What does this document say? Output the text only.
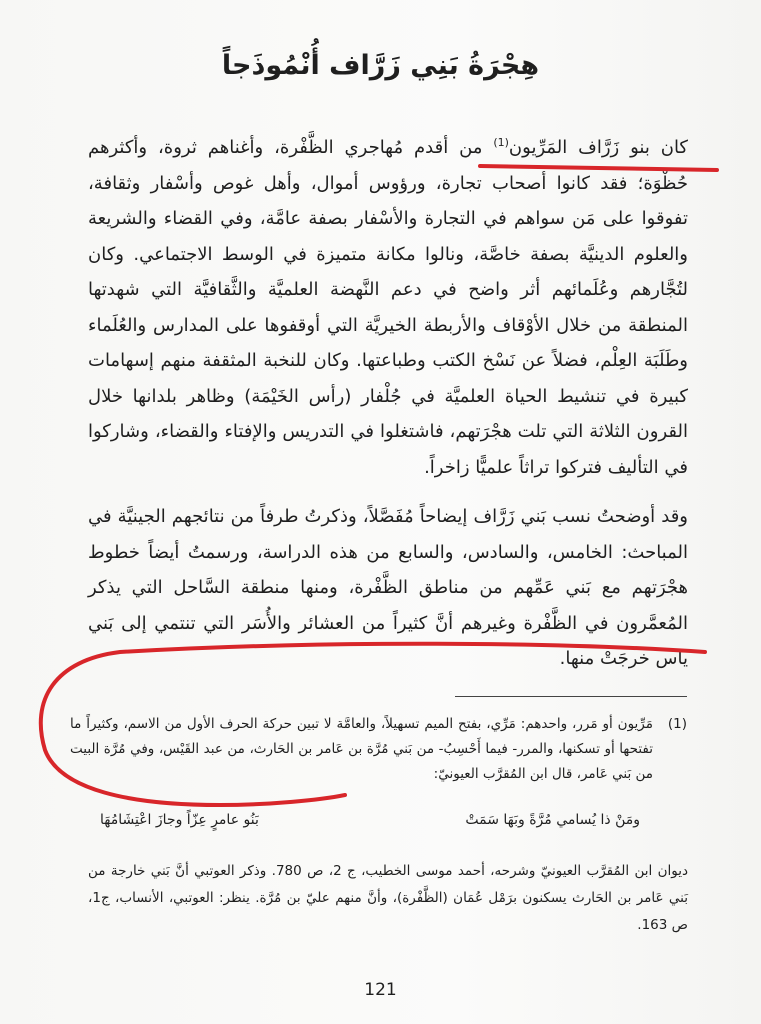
هِجْرَةُ بَنِي زَرَّاف أُنْمُوذَجاً

كان بنو زَرَّاف المَرِّيون$^{(1)}$ من أقدم مُهاجري الظَّفْرة، وأغناهم ثروة، وأكثرهم حُظْوَة؛ فقد كانوا أصحاب تجارة، ورؤوس أموال، وأهل غوص وأسْفار وثقافة، تفوقوا على مَن سواهم في التجارة والأسْفار بصفة عامَّة، وفي القضاء والشريعة والعلوم الدينيَّة بصفة خاصَّة، ونالوا مكانة متميزة في الوسط الاجتماعي. وكان لتُجَّارهم وعُلَمائهم أثر واضح في دعم النَّهضة العلميَّة والثَّقافيَّة التي شهدتها المنطقة من خلال الأوْقاف والأربطة الخيريَّة التي أوقفوها على المدارس والعُلَماء وطَلَبَة العِلْم، فضلاً عن نَسْخ الكتب وطباعتها. وكان للنخبة المثقفة منهم إسهامات كبيرة في تنشيط الحياة العلميَّة في جُلْفار (رأس الخَيْمَة) وظاهر بلدانها خلال القرون الثلاثة التي تلت هجْرَتهم، فاشتغلوا في التدريس والإفتاء والقضاء، وشاركوا في التأليف فتركوا تراثاً علميًّا زاخراً.

وقد أوضحتُ نسب بَني زَرَّاف إيضاحاً مُفَصَّلاً، وذكرتُ طرفاً من نتائجهم الجينيَّة في المباحث: الخامس، والسادس، والسابع من هذه الدراسة، ورسمتُ أيضاً خطوط هجْرَتهم مع بَني عَمِّهم من مناطق الظَّفْرة، ومنها منطقة السَّاحل التي يذكر المُعمَّرون في الظَّفْرة وغيرهم أنَّ كثيراً من العشائر والأُسَر التي تنتمي إلى بَني ياس خرجَتْ منها.

(1)
مَرِّيون أو مَرر، واحدهم: مَرِّي، بفتح الميم تسهيلاً، والعامَّة لا تبين حركة الحرف الأول من الاسم، وكثيراً ما تفتحها أو تسكنها، والمرر- فيما أَحْسِبُ- من بَني مُرَّة بن عَامر بن الحَارث، من عبد القَيْس، وفي مُرَّة البيت من بَني عَامر، قال ابن المُقرَّب العيونيّ:
ومَنْ ذا يُسامي مُرَّةً وبَهَا سَمَتْ
بَنُو عامرٍ عِزّاً وجازَ اعْتِشَامُهَا
ديوان ابن المُقرَّب العيونيّ وشرحه، أحمد موسى الخطيب، ج 2، ص 780. وذكر العوتبي أنَّ بَني خارجة من بَني عَامر بن الحَارث يسكنون برَمْل عُمَان (الظَّفْرة)، وأنَّ منهم عليّ بن مُرَّة. ينظر: العوتبي، الأنساب، ج1، ص 163.
121
